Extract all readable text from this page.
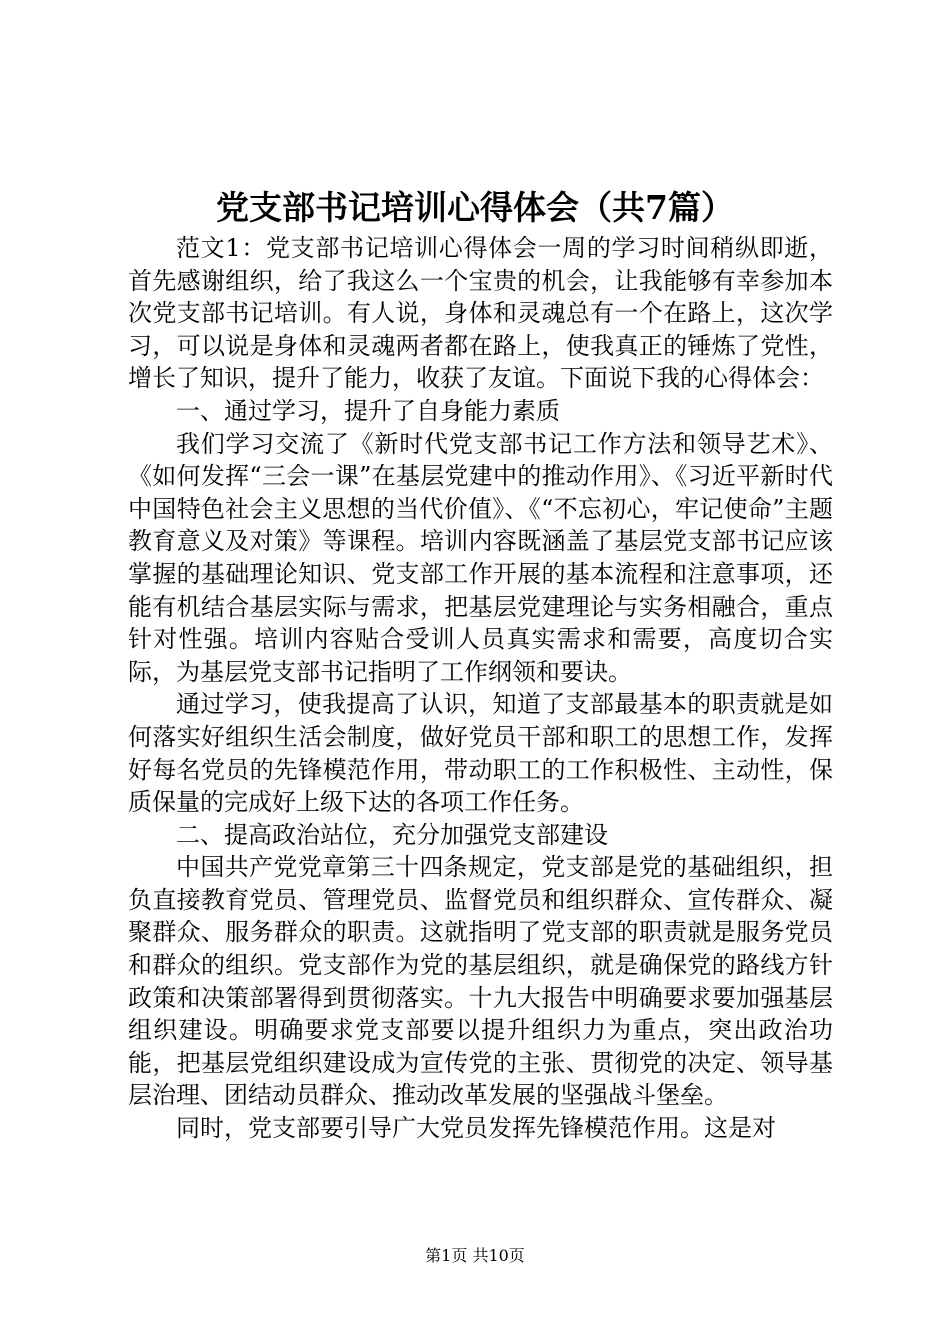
党支部书记培训心得体会（共7篇）

范文1：党支部书记培训心得体会一周的学习时间稍纵即逝，首先感谢组织，给了我这么一个宝贵的机会，让我能够有幸参加本次党支部书记培训。有人说，身体和灵魂总有一个在路上，这次学习，可以说是身体和灵魂两者都在路上，使我真正的锤炼了党性，增长了知识，提升了能力，收获了友谊。下面说下我的心得体会：

一、通过学习，提升了自身能力素质

我们学习交流了《新时代党支部书记工作方法和领导艺术》、《如何发挥“三会一课”在基层党建中的推动作用》、《习近平新时代中国特色社会主义思想的当代价值》、《“不忘初心，牢记使命”主题教育意义及对策》等课程。培训内容既涵盖了基层党支部书记应该掌握的基础理论知识、党支部工作开展的基本流程和注意事项，还能有机结合基层实际与需求，把基层党建理论与实务相融合，重点针对性强。培训内容贴合受训人员真实需求和需要，高度切合实际，为基层党支部书记指明了工作纲领和要诀。

通过学习，使我提高了认识，知道了支部最基本的职责就是如何落实好组织生活会制度，做好党员干部和职工的思想工作，发挥好每名党员的先锋模范作用，带动职工的工作积极性、主动性，保质保量的完成好上级下达的各项工作任务。

二、提高政治站位，充分加强党支部建设

中国共产党党章第三十四条规定，党支部是党的基础组织，担负直接教育党员、管理党员、监督党员和组织群众、宣传群众、凝聚群众、服务群众的职责。这就指明了党支部的职责就是服务党员和群众的组织。党支部作为党的基层组织，就是确保党的路线方针政策和决策部署得到贯彻落实。十九大报告中明确要求要加强基层组织建设。明确要求党支部要以提升组织力为重点，突出政治功能，把基层党组织建设成为宣传党的主张、贯彻党的决定、领导基层治理、团结动员群众、推动改革发展的坚强战斗堡垒。

同时，党支部要引导广大党员发挥先锋模范作用。这是对

第1页 共10页
